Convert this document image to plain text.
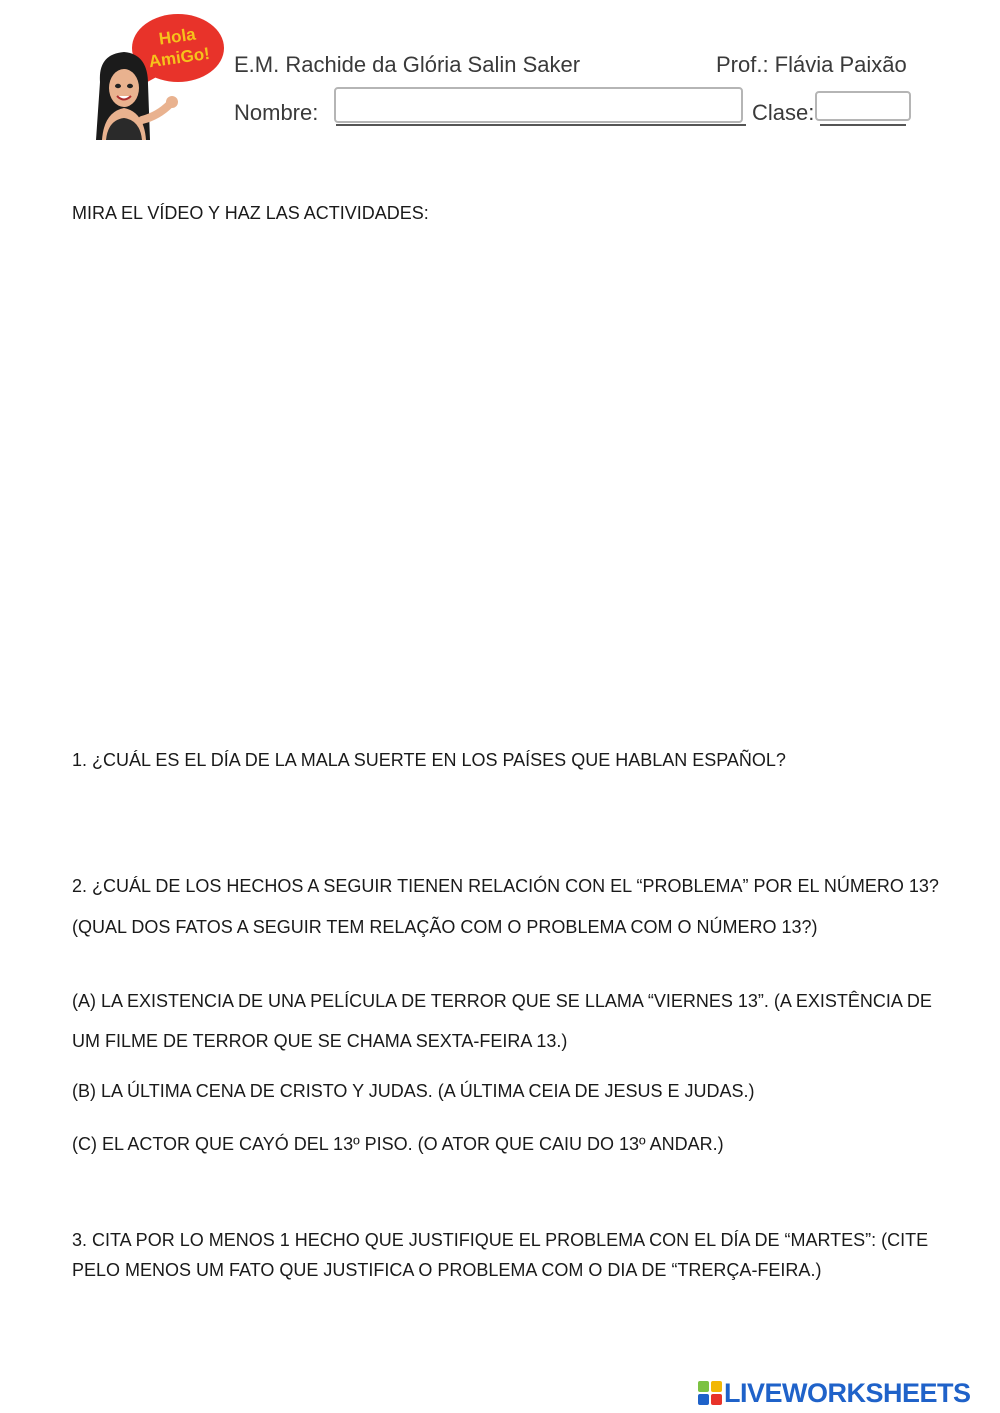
Hola
AmiGo! E.M. Rachide da Glória Salin Saker	Prof.: Flávia Paixão
Nombre:	Clase:
MIRA EL VÍDEO Y HAZ LAS ACTIVIDADES:
1. ¿CUÁL ES EL DÍA DE LA MALA SUERTE EN LOS PAÍSES QUE HABLAN ESPAÑOL?
2. ¿CUÁL DE LOS HECHOS A SEGUIR TIENEN RELACIÓN CON EL “PROBLEMA” POR EL NÚMERO 13?
(QUAL DOS FATOS A SEGUIR TEM RELAÇÃO COM O PROBLEMA COM O NÚMERO 13?)
(A) LA EXISTENCIA DE UNA PELÍCULA DE TERROR QUE SE LLAMA “VIERNES 13”. (A EXISTÊNCIA DE UM FILME DE TERROR QUE SE CHAMA SEXTA-FEIRA 13.)
(B) LA ÚLTIMA CENA DE CRISTO Y JUDAS. (A ÚLTIMA CEIA DE JESUS E JUDAS.)
(C) EL ACTOR QUE CAYÓ DEL 13º PISO. (O ATOR QUE CAIU DO 13º ANDAR.)
3. CITA POR LO MENOS 1 HECHO QUE JUSTIFIQUE EL PROBLEMA CON EL DÍA DE “MARTES”: (CITE PELO MENOS UM FATO QUE JUSTIFICA O PROBLEMA COM O DIA DE “TRERÇA-FEIRA.)
LIVEWORKSHEETS
